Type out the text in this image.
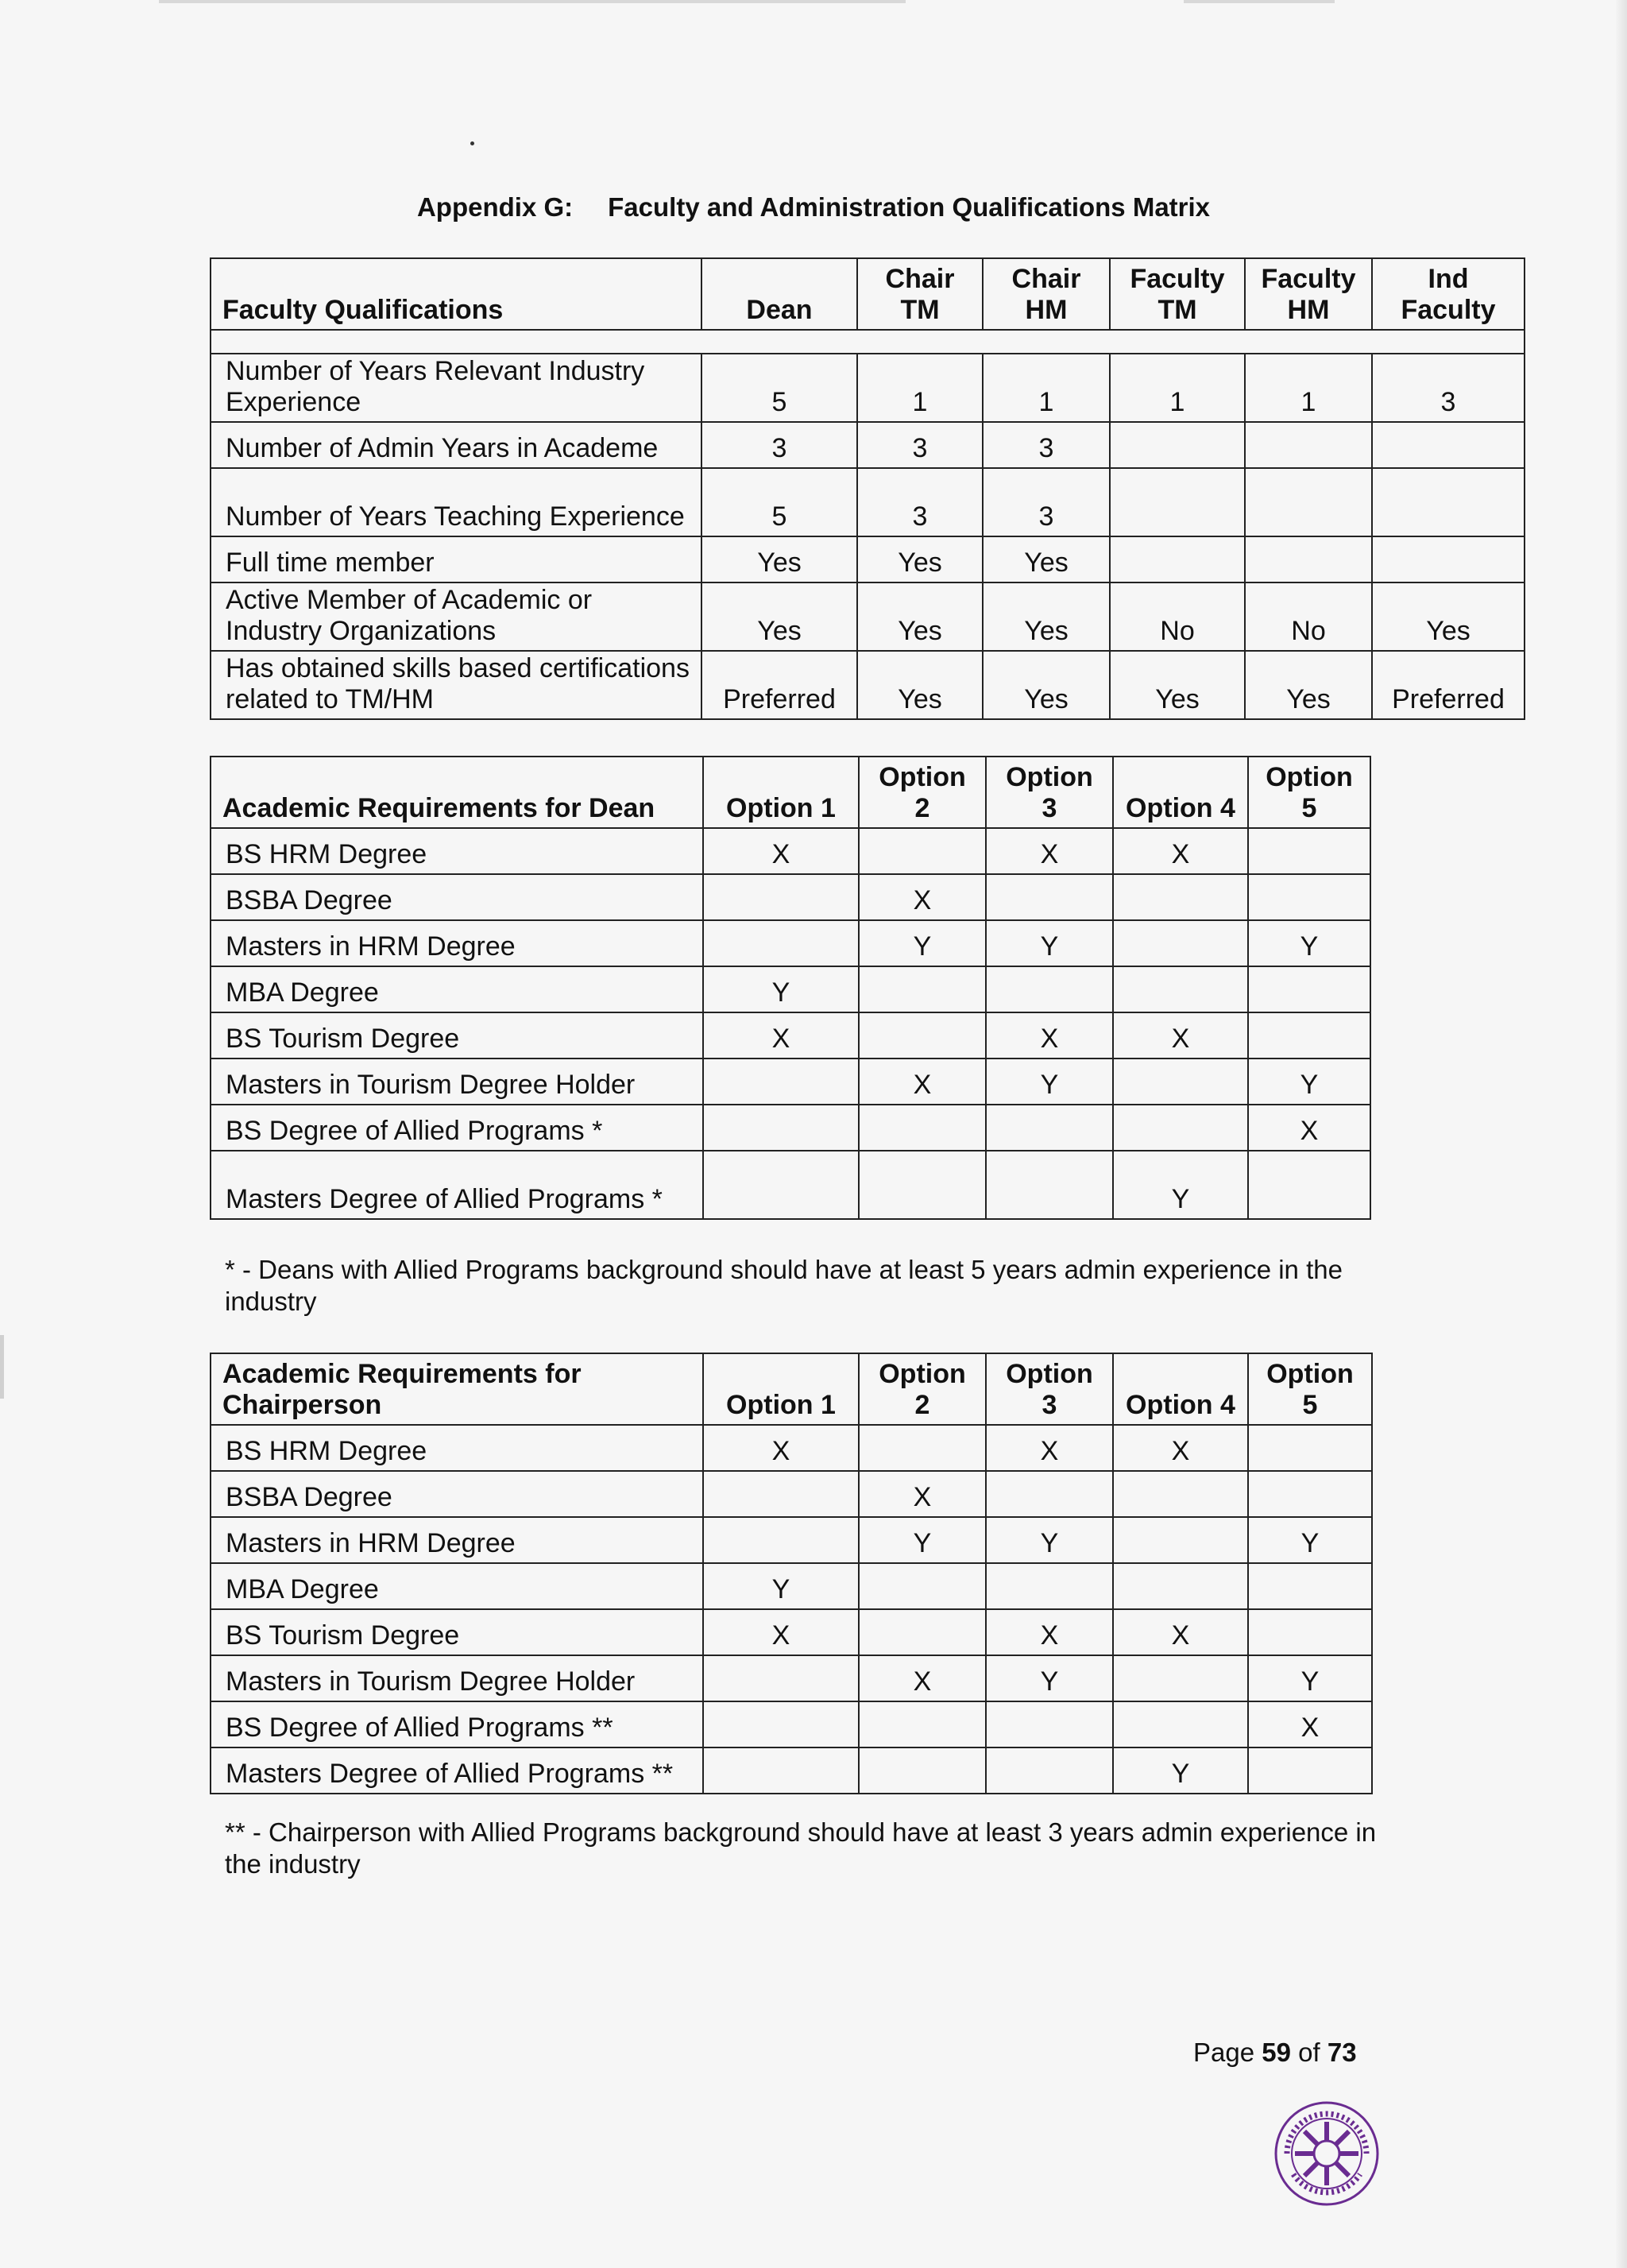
Appendix G: Faculty and Administration Qualifications Matrix
Faculty Qualifications	Dean	Chair TM	Chair HM	Faculty TM	Faculty HM	Ind Faculty

Number of Years Relevant Industry Experience	5	1	1	1	1	3
Number of Admin Years in Academe	3	3	3			
Number of Years Teaching Experience	5	3	3			
Full time member	Yes	Yes	Yes			
Active Member of Academic or Industry Organizations	Yes	Yes	Yes	No	No	Yes
Has obtained skills based certifications related to TM/HM	Preferred	Yes	Yes	Yes	Yes	Preferred
Academic Requirements for Dean	Option 1	Option 2	Option 3	Option 4	Option 5
BS HRM Degree	X		X	X	
BSBA Degree		X			
Masters in HRM Degree		Y	Y		Y
MBA Degree	Y				
BS Tourism Degree	X		X	X	
Masters in Tourism Degree Holder		X	Y		Y
BS Degree of Allied Programs *					X
Masters Degree of Allied Programs *				Y	
* - Deans with Allied Programs background should have at least 5 years admin experience in the industry
Academic Requirements for Chairperson	Option 1	Option 2	Option 3	Option 4	Option 5
BS HRM Degree	X		X	X	
BSBA Degree		X			
Masters in HRM Degree		Y	Y		Y
MBA Degree	Y				
BS Tourism Degree	X		X	X	
Masters in Tourism Degree Holder		X	Y		Y
BS Degree of Allied Programs **					X
Masters Degree of Allied Programs **				Y	
** - Chairperson with Allied Programs background should have at least 3 years admin experience in the industry
Page 59 of 73
